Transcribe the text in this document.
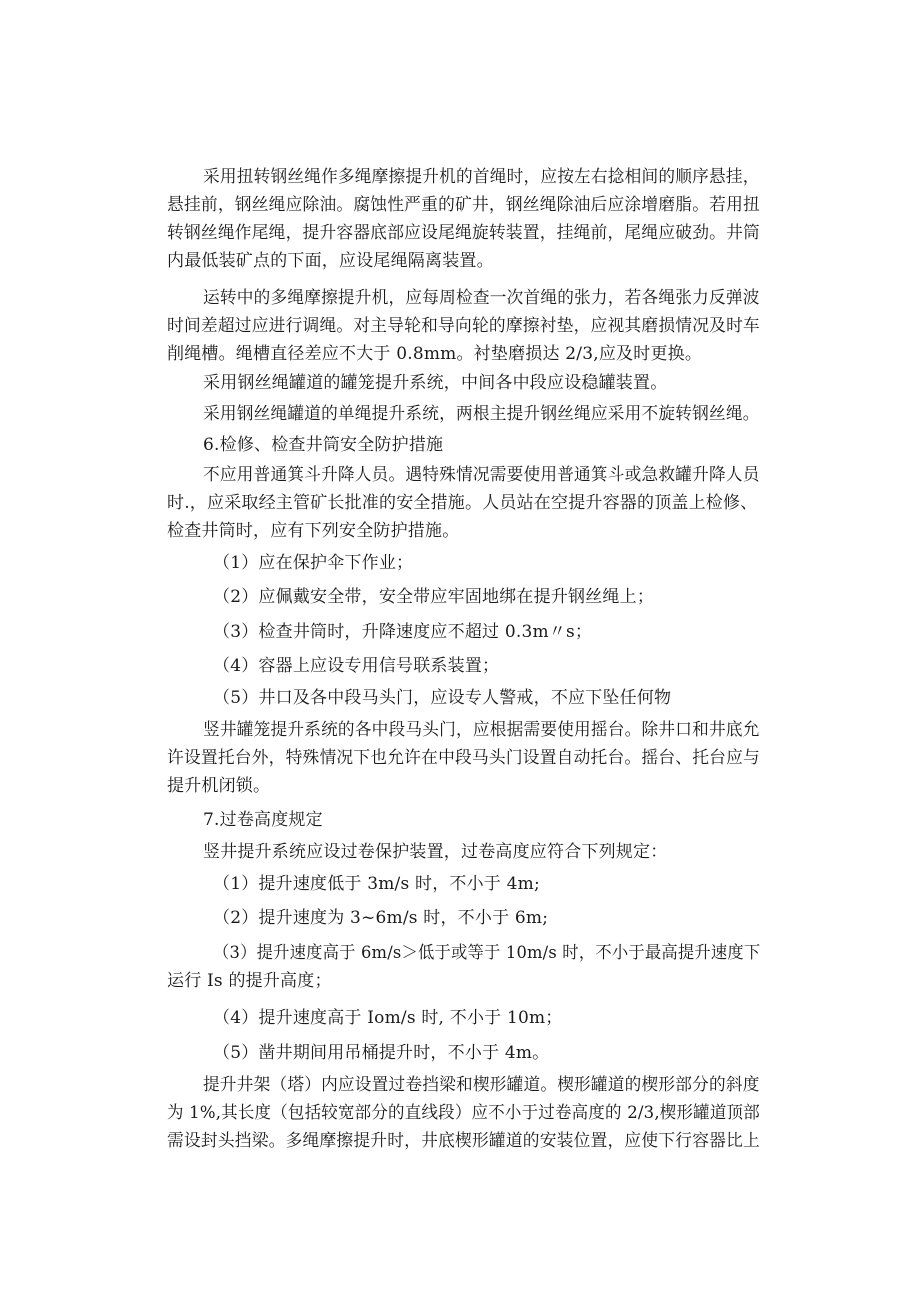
采用扭转钢丝绳作多绳摩擦提升机的首绳时，应按左右捻相间的顺序悬挂，
悬挂前，钢丝绳应除油。腐蚀性严重的矿井，钢丝绳除油后应涂增磨脂。若用扭
转钢丝绳作尾绳，提升容器底部应设尾绳旋转装置，挂绳前，尾绳应破劲。井筒
内最低装矿点的下面，应设尾绳隔离装置。
运转中的多绳摩擦提升机，应每周检查一次首绳的张力，若各绳张力反弹波
时间差超过应进行调绳。对主导轮和导向轮的摩擦衬垫，应视其磨损情况及时车
削绳槽。绳槽直径差应不大于 0.8mm。衬垫磨损达 2/3,应及时更换。
采用钢丝绳罐道的罐笼提升系统，中间各中段应设稳罐装置。
采用钢丝绳罐道的单绳提升系统，两根主提升钢丝绳应采用不旋转钢丝绳。
6.检修、检查井筒安全防护措施
不应用普通箕斗升降人员。遇特殊情况需要使用普通箕斗或急救罐升降人员
时.，应采取经主管矿长批准的安全措施。人员站在空提升容器的顶盖上检修、
检查井筒时，应有下列安全防护措施。
（1）应在保护伞下作业；
（2）应佩戴安全带，安全带应牢固地绑在提升钢丝绳上；
（3）检查井筒时，升降速度应不超过 0.3m〃s；
（4）容器上应设专用信号联系装置；
（5）井口及各中段马头门，应设专人警戒，不应下坠任何物
竖井罐笼提升系统的各中段马头门，应根据需要使用摇台。除井口和井底允
许设置托台外，特殊情况下也允许在中段马头门设置自动托台。摇台、托台应与
提升机闭锁。
7.过卷高度规定
竖井提升系统应设过卷保护装置，过卷高度应符合下列规定：
（1）提升速度低于 3m∕s 时，不小于 4m;
（2）提升速度为 3~6m∕s 时，不小于 6m;
（3）提升速度高于 6m∕s＞低于或等于 10m∕s 时，不小于最高提升速度下
运行 Is 的提升高度；
（4）提升速度高于 Iom/s 时, 不小于 10m；
（5）凿井期间用吊桶提升时，不小于 4m。
提升井架（塔）内应设置过卷挡梁和楔形罐道。楔形罐道的楔形部分的斜度
为 1%,其长度（包括较宽部分的直线段）应不小于过卷高度的 2/3,楔形罐道顶部
需设封头挡梁。多绳摩擦提升时，井底楔形罐道的安装位置，应使下行容器比上
